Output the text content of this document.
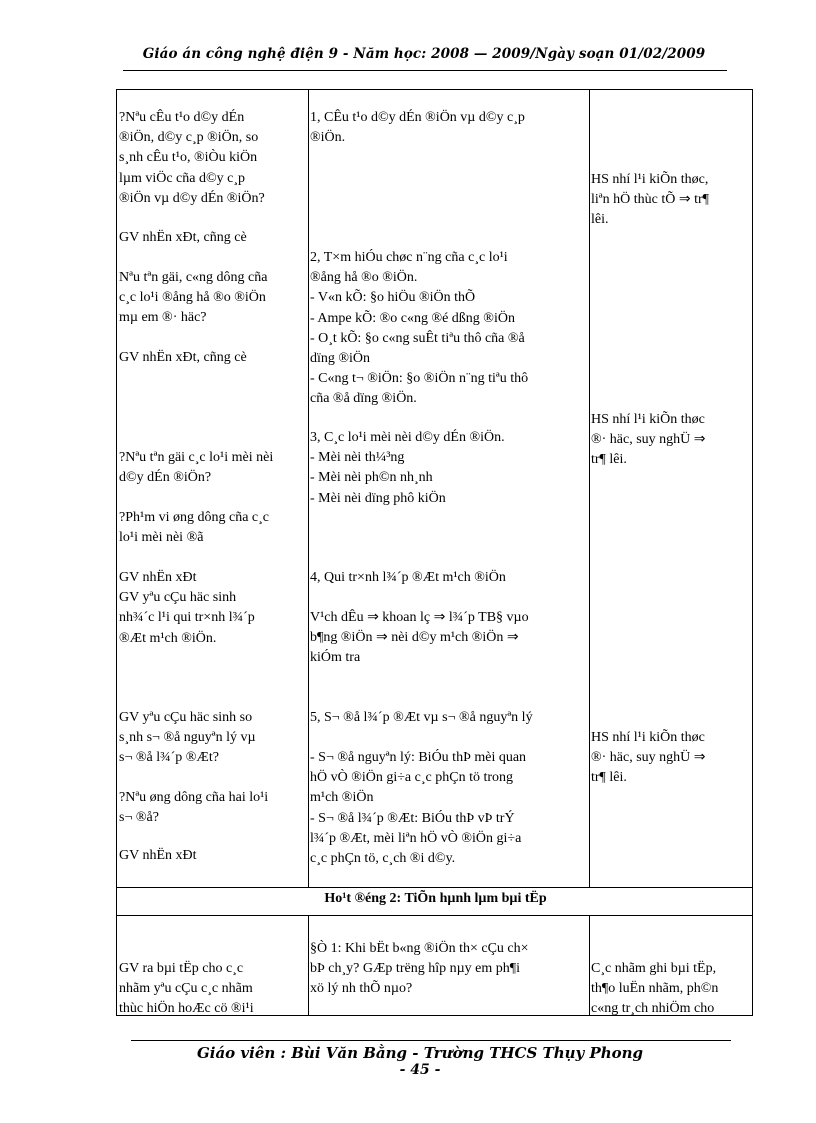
Giáo án công nghệ điện 9 - Năm học: 2008 — 2009/Ngày soạn 01/02/2009
Ho¹t ®éng 2: TiÕn hµnh lµm bµi tËp
?Nªu cÊu t¹o d©y dÉn
®iÖn, d©y c¸p ®iÖn, so
s¸nh cÊu t¹o, ®iÒu kiÖn
lµm viÖc cña d©y c¸p
®iÖn vµ d©y dÉn ®iÖn?
GV nhËn xÐt, cñng cè
Nªu tªn gäi, c«ng dông cña
c¸c lo¹i ®ång hå ®o ®iÖn
mµ em ®· häc?
GV nhËn xÐt, cñng cè
?Nªu tªn gäi c¸c lo¹i mèi nèi
d©y dÉn ®iÖn?
?Ph¹m vi øng dông cña c¸c
lo¹i mèi nèi ®ã
GV nhËn xÐt
GV yªu cÇu häc sinh
nh¾´c l¹i qui tr×nh l¾´p
®Æt m¹ch ®iÖn.
GV yªu cÇu häc sinh so
s¸nh s¬ ®å nguyªn lý vµ
s¬ ®å l¾´p ®Æt?
?Nªu øng dông cña hai lo¹i
s¬ ®å?
GV nhËn xÐt
GV ra bµi tËp cho c¸c
nhãm yªu cÇu c¸c nhãm
thùc hiÖn hoÆc cö ®i¹i
1, CÊu t¹o d©y dÉn ®iÖn vµ d©y c¸p
®iÖn.
2, T×m hiÓu chøc n¨ng cña c¸c lo¹i
®ång hå ®o ®iÖn.
- V«n kÕ: §o hiÖu ®iÖn thÕ
- Ampe kÕ: ®o c«ng ®é dßng ®iÖn
- O¸t kÕ: §o c«ng suÊt tiªu thô cña ®å
dïng ®iÖn
- C«ng t¬ ®iÖn: §o ®iÖn n¨ng tiªu thô
cña ®å dïng ®iÖn.
3, C¸c lo¹i mèi nèi d©y dÉn ®iÖn.
- Mèi nèi th¼³ng
- Mèi nèi ph©n nh¸nh
- Mèi nèi dïng phô kiÖn
4, Qui tr×nh l¾´p ®Æt m¹ch ®iÖn
V¹ch dÊu ⇒ khoan lç ⇒ l¾´p TB§ vµo
b¶ng ®iÖn ⇒ nèi d©y m¹ch ®iÖn ⇒
kiÓm tra
5, S¬ ®å l¾´p ®Æt vµ s¬ ®å nguyªn lý
- S¬ ®å nguyªn lý: BiÓu thÞ mèi quan
hÖ vÒ ®iÖn gi÷a c¸c phÇn tö trong
m¹ch ®iÖn
- S¬ ®å l¾´p ®Æt: BiÓu thÞ vÞ trÝ
l¾´p ®Æt, mèi liªn hÖ vÒ ®iÖn gi÷a
c¸c phÇn tö, c¸ch ®i d©y.
§Ò 1: Khi bËt b«ng ®iÖn th× cÇu ch×
bÞ ch¸y? GÆp trëng hîp nµy em ph¶i
xö lý nh thÕ nµo?
HS nhí l¹i kiÕn thøc,
liªn hÖ thùc tÕ ⇒ tr¶
lêi.
HS nhí l¹i kiÕn thøc
®· häc, suy nghÜ ⇒
tr¶ lêi.
HS nhí l¹i kiÕn thøc
®· häc, suy nghÜ ⇒
tr¶ lêi.
C¸c nhãm ghi bµi tËp,
th¶o luËn nhãm, ph©n
c«ng tr¸ch nhiÖm cho
Giáo viên : Bùi Văn Bằng - Trường THCS Thụy Phong
- 45 -
